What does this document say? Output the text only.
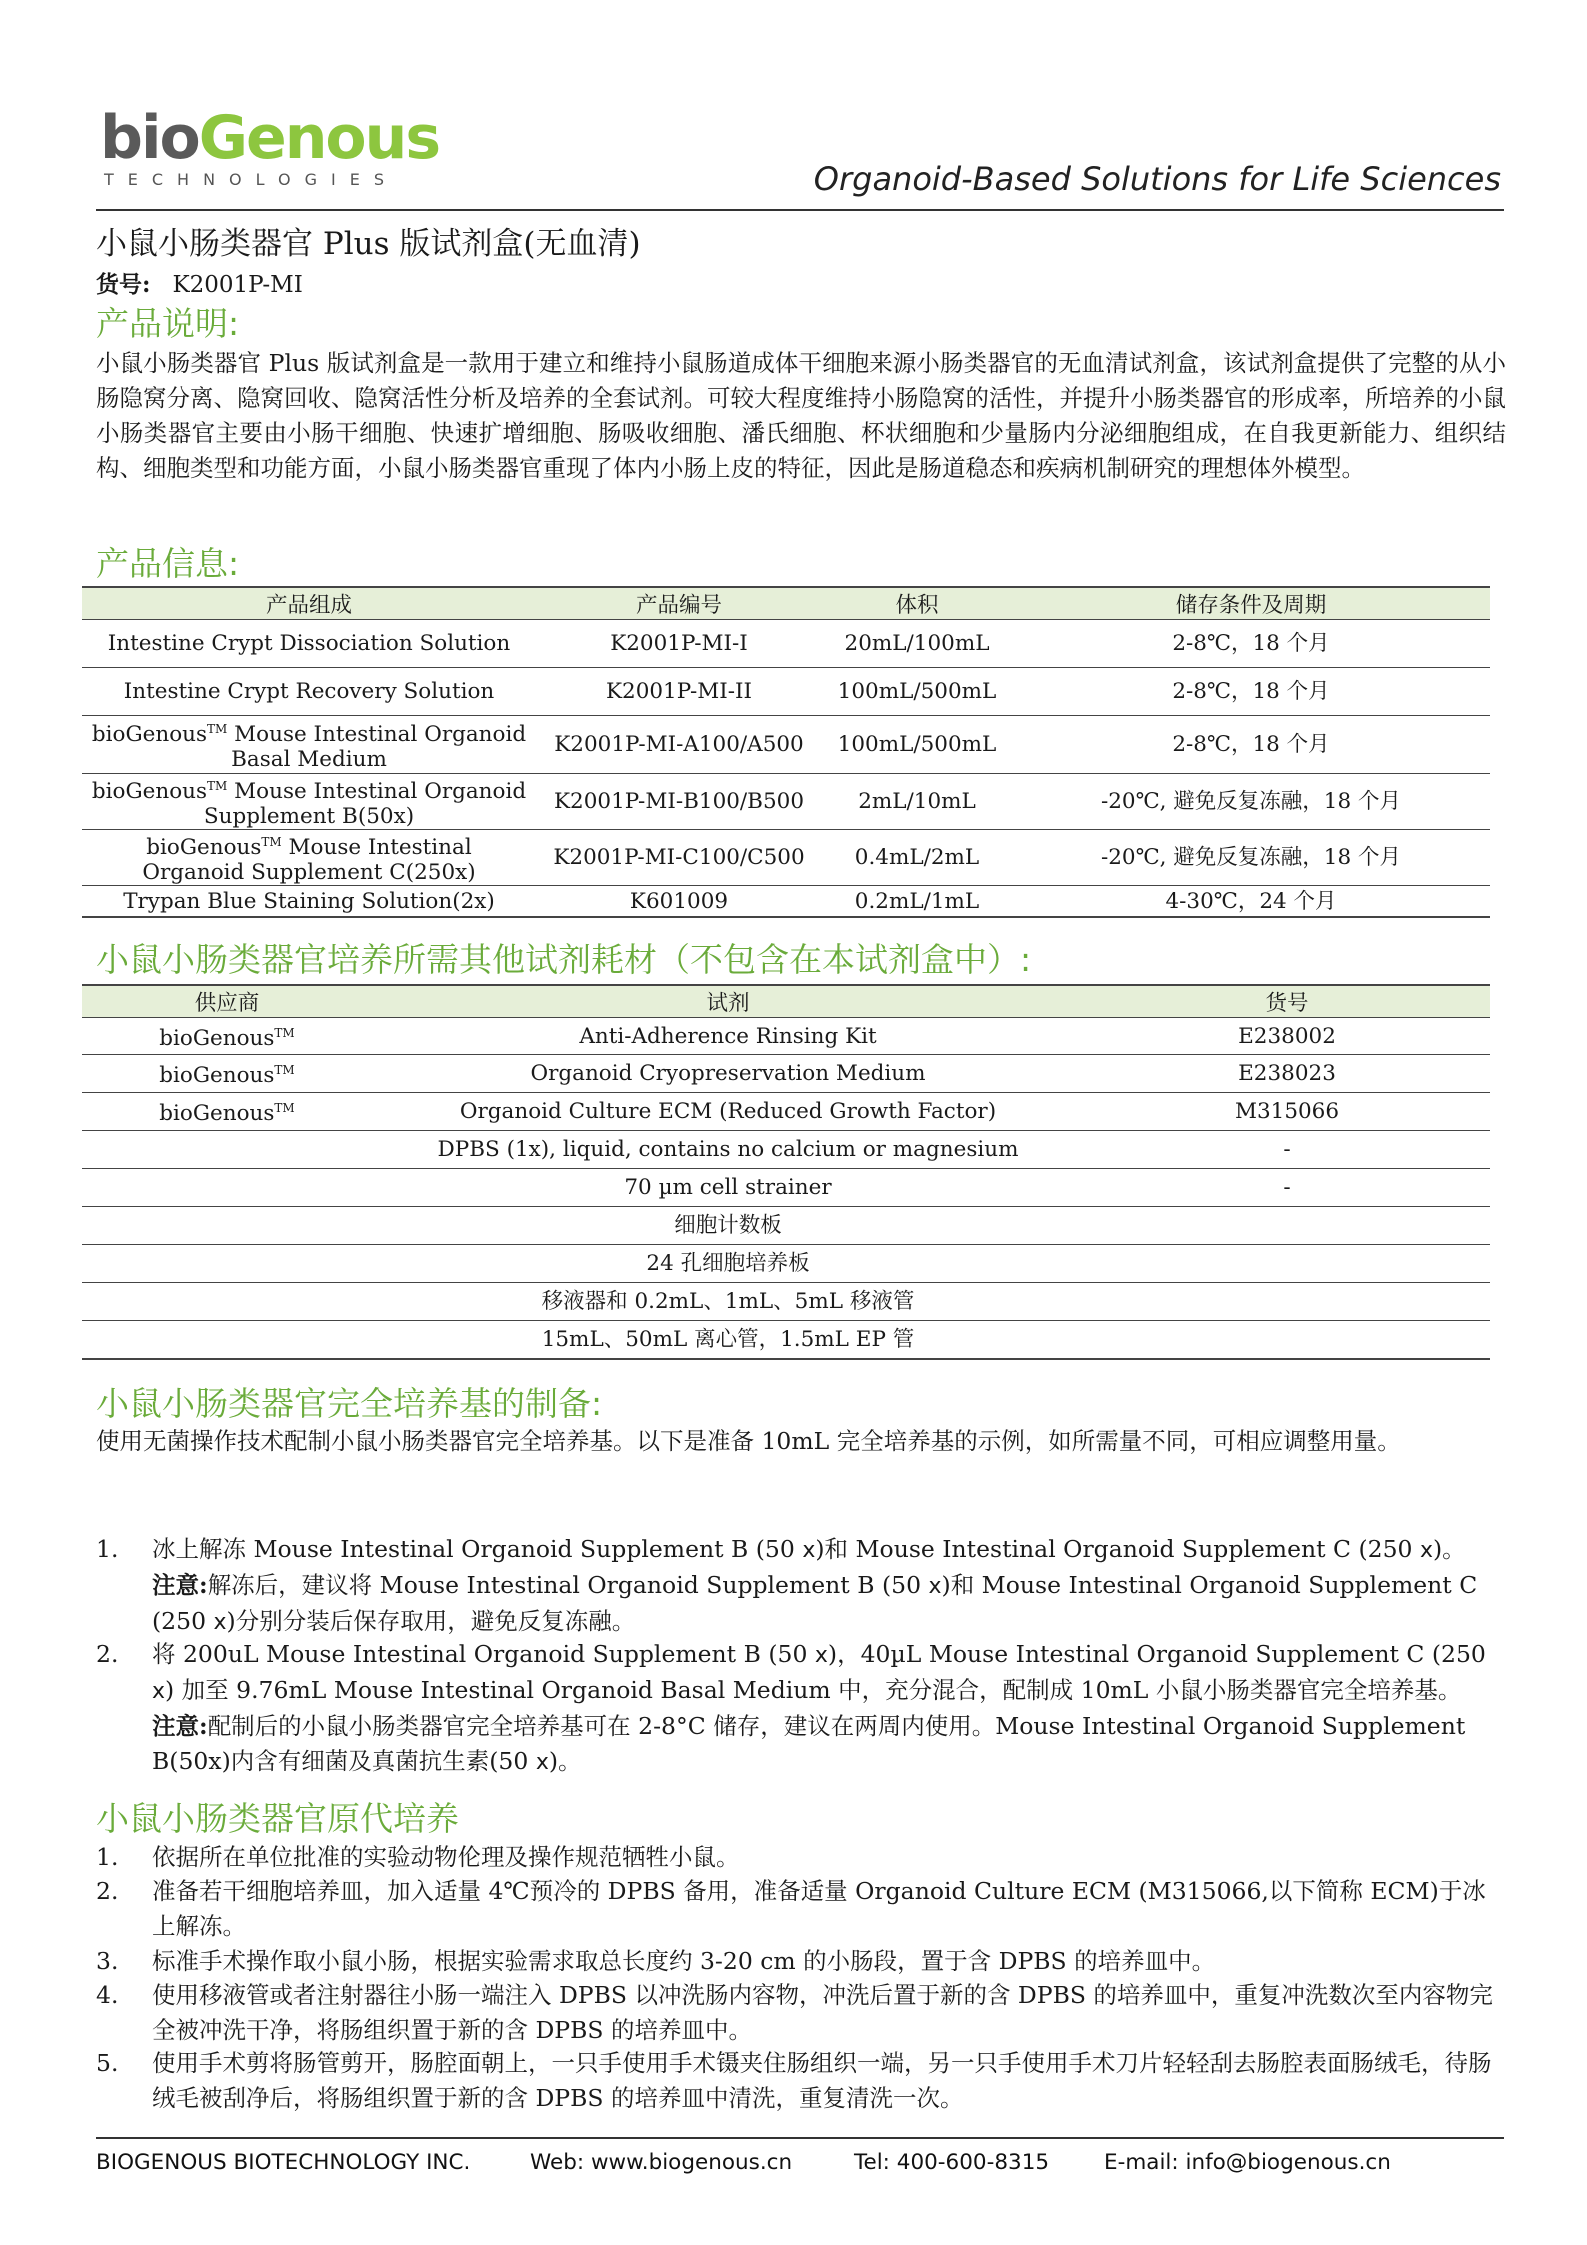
bioGenous
TECHNOLOGIES	Organoid-Based Solutions for Life Sciences
小鼠小肠类器官 Plus 版试剂盒(无血清)
货号: K2001P-MI
产品说明:
小鼠小肠类器官 Plus 版试剂盒是一款用于建立和维持小鼠肠道成体干细胞来源小肠类器官的无血清试剂盒，该试剂盒提供了完整的从小肠隐窝分离、隐窝回收、隐窝活性分析及培养的全套试剂。可较大程度维持小肠隐窝的活性，并提升小肠类器官的形成率，所培养的小鼠小肠类器官主要由小肠干细胞、快速扩增细胞、肠吸收细胞、潘氏细胞、杯状细胞和少量肠内分泌细胞组成，在自我更新能力、组织结构、细胞类型和功能方面，小鼠小肠类器官重现了体内小肠上皮的特征，因此是肠道稳态和疾病机制研究的理想体外模型。
产品信息:
产品组成	产品编号	体积	储存条件及周期
Intestine Crypt Dissociation Solution	K2001P-MI-I	20mL/100mL	2-8℃，18 个月
Intestine Crypt Recovery Solution	K2001P-MI-II	100mL/500mL	2-8℃，18 个月
bioGenous™ Mouse Intestinal Organoid
Basal Medium	K2001P-MI-A100/A500	100mL/500mL	2-8℃，18 个月
bioGenous™ Mouse Intestinal Organoid
Supplement B(50x)	K2001P-MI-B100/B500	2mL/10mL	-20℃, 避免反复冻融，18 个月
bioGenous™ Mouse Intestinal
Organoid Supplement C(250x)	K2001P-MI-C100/C500	0.4mL/2mL	-20℃, 避免反复冻融，18 个月
Trypan Blue Staining Solution(2x)	K601009	0.2mL/1mL	4-30℃，24 个月
小鼠小肠类器官培养所需其他试剂耗材（不包含在本试剂盒中）:
供应商	试剂	货号
bioGenous™	Anti-Adherence Rinsing Kit	E238002
bioGenous™	Organoid Cryopreservation Medium	E238023
bioGenous™	Organoid Culture ECM (Reduced Growth Factor)	M315066
	DPBS (1x), liquid, contains no calcium or magnesium	-
	70 µm cell strainer	-
	细胞计数板	
	24 孔细胞培养板	
	移液器和 0.2mL、1mL、5mL 移液管	
	15mL、50mL 离心管，1.5mL EP 管	
小鼠小肠类器官完全培养基的制备:
使用无菌操作技术配制小鼠小肠类器官完全培养基。以下是准备 10mL 完全培养基的示例，如所需量不同，可相应调整用量。
1. 冰上解冻 Mouse Intestinal Organoid Supplement B (50 x)和 Mouse Intestinal Organoid Supplement C (250 x)。
注意:解冻后，建议将 Mouse Intestinal Organoid Supplement B (50 x)和 Mouse Intestinal Organoid Supplement C (250 x)分别分装后保存取用，避免反复冻融。
2. 将 200uL Mouse Intestinal Organoid Supplement B (50 x)，40µL Mouse Intestinal Organoid Supplement C (250 x) 加至 9.76mL Mouse Intestinal Organoid Basal Medium 中，充分混合，配制成 10mL 小鼠小肠类器官完全培养基。
注意:配制后的小鼠小肠类器官完全培养基可在 2-8°C 储存，建议在两周内使用。Mouse Intestinal Organoid Supplement B(50x)内含有细菌及真菌抗生素(50 x)。
小鼠小肠类器官原代培养
1. 依据所在单位批准的实验动物伦理及操作规范牺牲小鼠。
2. 准备若干细胞培养皿，加入适量 4℃预冷的 DPBS 备用，准备适量 Organoid Culture ECM (M315066,以下简称 ECM)于冰上解冻。
3. 标准手术操作取小鼠小肠，根据实验需求取总长度约 3-20 cm 的小肠段，置于含 DPBS 的培养皿中。
4. 使用移液管或者注射器往小肠一端注入 DPBS 以冲洗肠内容物，冲洗后置于新的含 DPBS 的培养皿中，重复冲洗数次至内容物完全被冲洗干净，将肠组织置于新的含 DPBS 的培养皿中。
5. 使用手术剪将肠管剪开，肠腔面朝上，一只手使用手术镊夹住肠组织一端，另一只手使用手术刀片轻轻刮去肠腔表面肠绒毛，待肠绒毛被刮净后，将肠组织置于新的含 DPBS 的培养皿中清洗，重复清洗一次。
BIOGENOUS BIOTECHNOLOGY INC.	Web: www.biogenous.cn	Tel: 400-600-8315	E-mail: info@biogenous.cn
